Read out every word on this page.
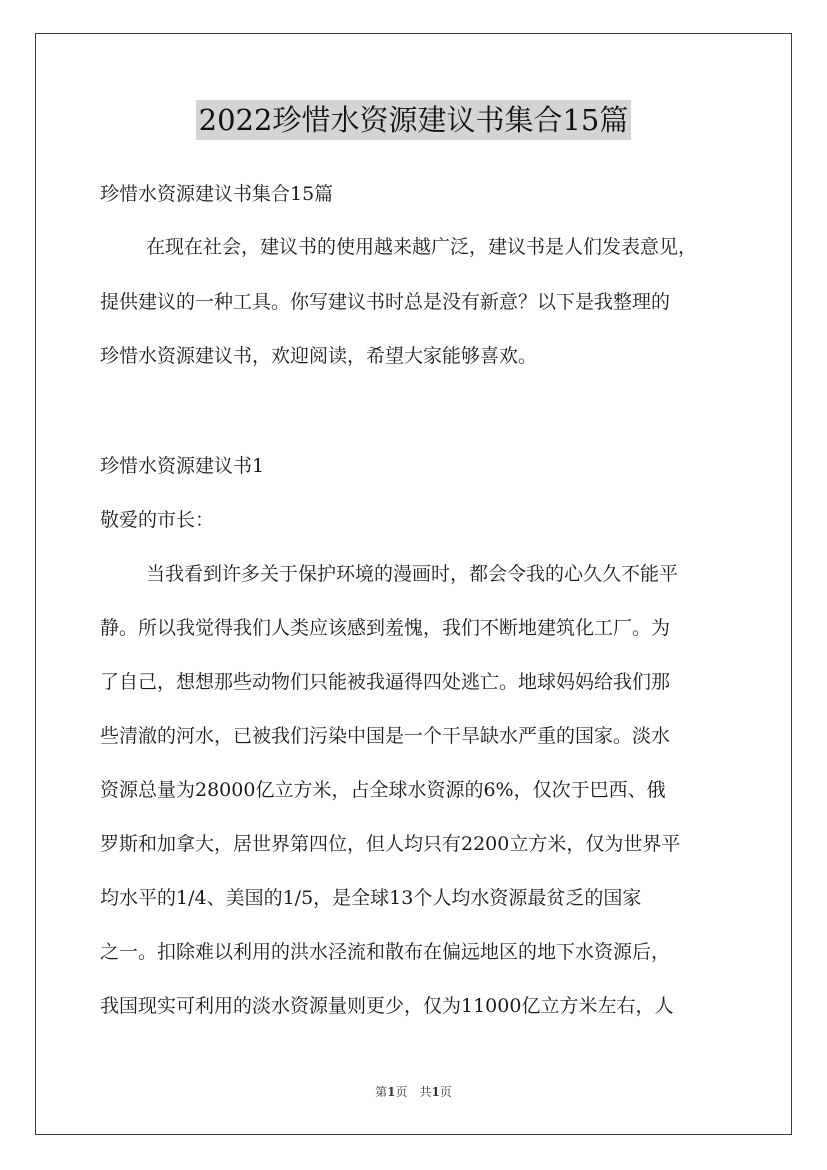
2022珍惜水资源建议书集合15篇
珍惜水资源建议书集合15篇
在现在社会，建议书的使用越来越广泛，建议书是人们发表意见，
提供建议的一种工具。你写建议书时总是没有新意？以下是我整理的
珍惜水资源建议书，欢迎阅读，希望大家能够喜欢。
珍惜水资源建议书1
敬爱的市长：
当我看到许多关于保护环境的漫画时，都会令我的心久久不能平
静。所以我觉得我们人类应该感到羞愧，我们不断地建筑化工厂。为
了自己，想想那些动物们只能被我逼得四处逃亡。地球妈妈给我们那
些清澈的河水，已被我们污染中国是一个干旱缺水严重的国家。淡水
资源总量为28000亿立方米，占全球水资源的6%，仅次于巴西、俄
罗斯和加拿大，居世界第四位，但人均只有2200立方米，仅为世界平
均水平的1/4、美国的1/5，是全球13个人均水资源最贫乏的国家
之一。扣除难以利用的洪水泾流和散布在偏远地区的地下水资源后，
我国现实可利用的淡水资源量则更少，仅为11000亿立方米左右，人
第1页　共1页
